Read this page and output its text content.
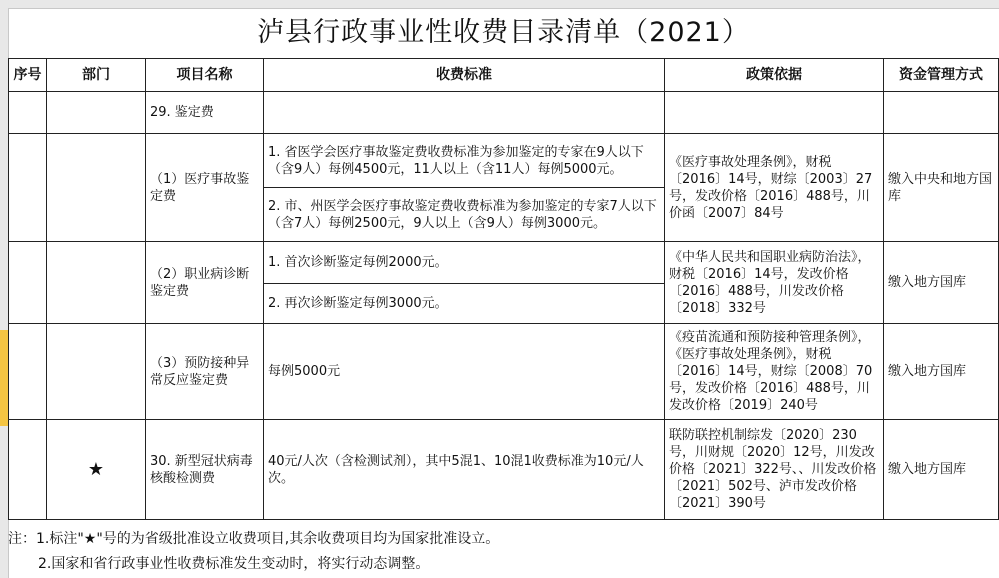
泸县行政事业性收费目录清单（2021）
序号	部门	项目名称	收费标准	政策依据	资金管理方式
		29. 鉴定费			
		（1）医疗事故鉴定费	1. 省医学会医疗事故鉴定费收费标准为参加鉴定的专家在9人以下（含9人）每例4500元，11人以上（含11人）每例5000元。	《医疗事故处理条例》，财税〔2016〕14号，财综〔2003〕27号，发改价格〔2016〕488号，川价函〔2007〕84号	缴入中央和地方国库
			2. 市、州医学会医疗事故鉴定费收费标准为参加鉴定的专家7人以下（含7人）每例2500元，9人以上（含9人）每例3000元。		
		（2）职业病诊断鉴定费	1. 首次诊断鉴定每例2000元。	《中华人民共和国职业病防治法》，财税〔2016〕14号，发改价格〔2016〕488号，川发改价格〔2018〕332号	缴入地方国库
			2. 再次诊断鉴定每例3000元。		
		（3）预防接种异常反应鉴定费	每例5000元	《疫苗流通和预防接种管理条例》，《医疗事故处理条例》，财税〔2016〕14号，财综〔2008〕70号，发改价格〔2016〕488号，川发改价格〔2019〕240号	缴入地方国库
	★	30. 新型冠状病毒核酸检测费	40元/人次（含检测试剂），其中5混1、10混1收费标准为10元/人次。	联防联控机制综发〔2020〕230号，川财规〔2020〕12号，川发改价格〔2021〕322号、、川发改价格〔2021〕502号、泸市发改价格〔2021〕390号	缴入地方国库
注：1.标注"★"号的为省级批准设立收费项目,其余收费项目均为国家批准设立。
2.国家和省行政事业性收费标准发生变动时，将实行动态调整。
